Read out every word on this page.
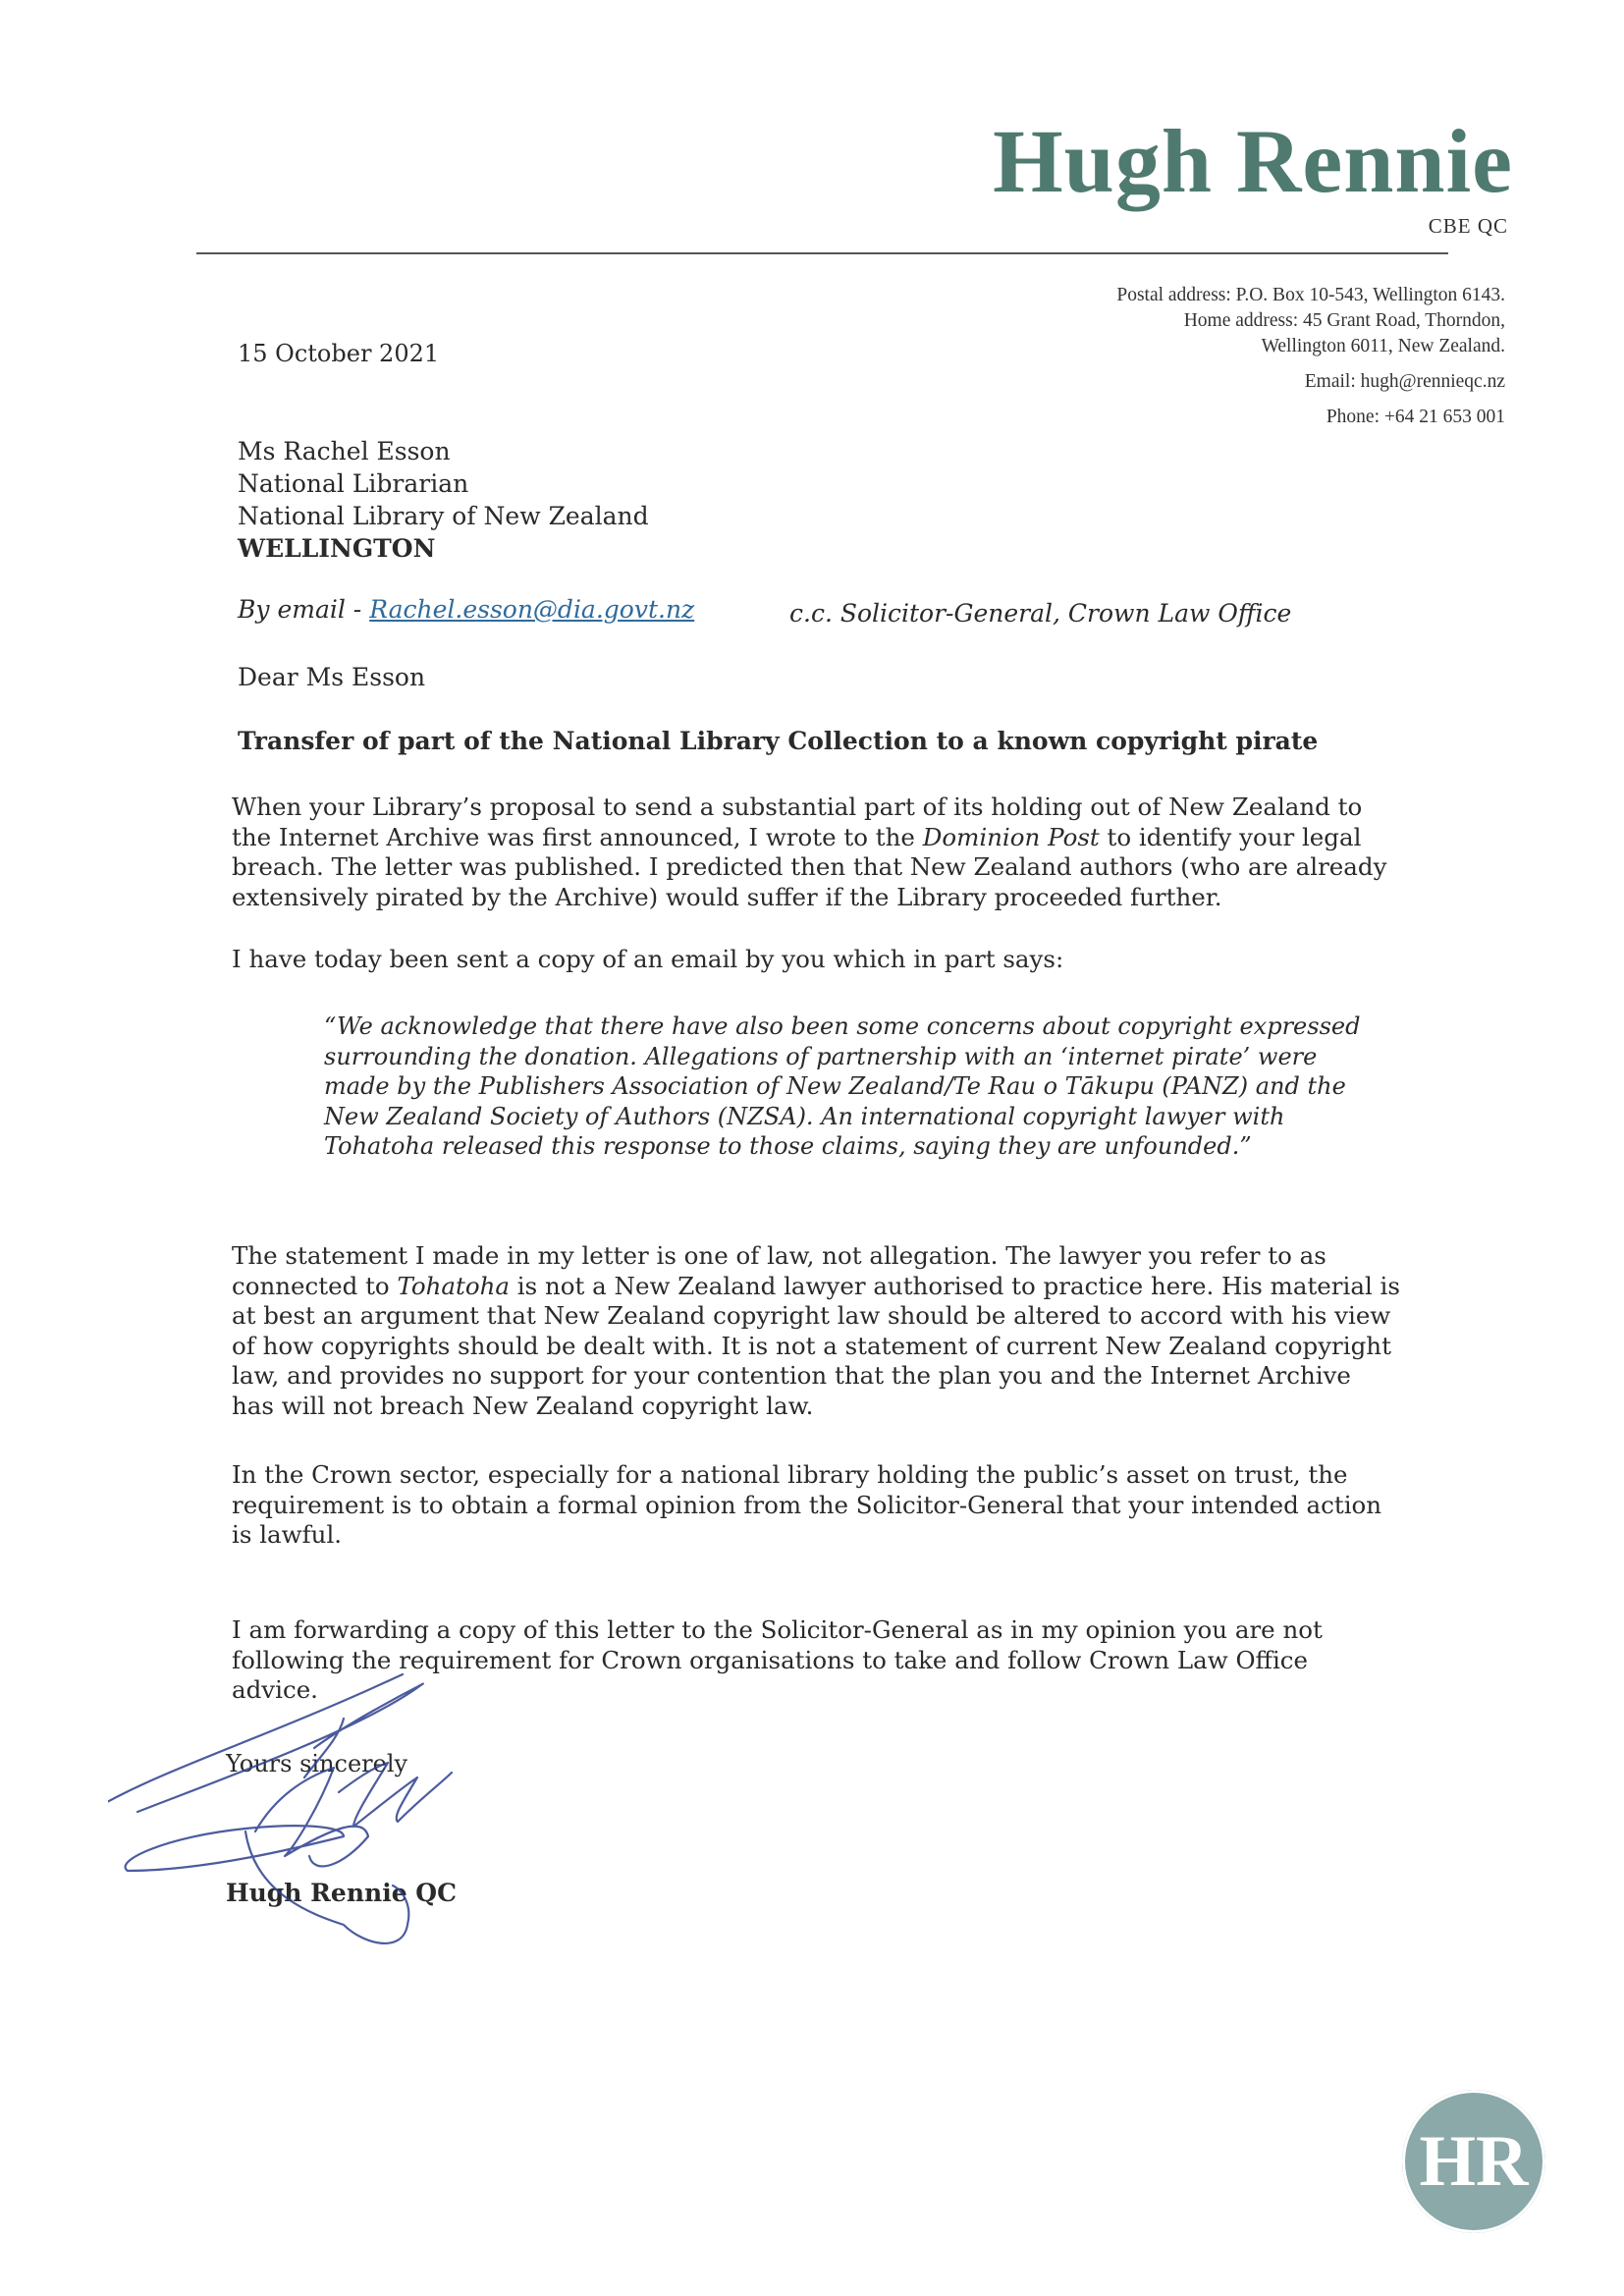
Hugh Rennie
CBE QC
Postal address: P.O. Box 10-543, Wellington 6143.
Home address: 45 Grant Road, Thorndon,
Wellington 6011, New Zealand.
Email: hugh@rennieqc.nz
Phone: +64 21 653 001
15 October 2021
Ms Rachel Esson
National Librarian
National Library of New Zealand
WELLINGTON
By email - Rachel.esson@dia.govt.nz	c.c. Solicitor-General, Crown Law Office
Dear Ms Esson
Transfer of part of the National Library Collection to a known copyright pirate
When your Library’s proposal to send a substantial part of its holding out of New Zealand to the Internet Archive was first announced, I wrote to the Dominion Post to identify your legal breach. The letter was published. I predicted then that New Zealand authors (who are already extensively pirated by the Archive) would suffer if the Library proceeded further.
I have today been sent a copy of an email by you which in part says:
“We acknowledge that there have also been some concerns about copyright expressed surrounding the donation. Allegations of partnership with an ‘internet pirate’ were made by the Publishers Association of New Zealand/Te Rau o Tākupu (PANZ) and the New Zealand Society of Authors (NZSA). An international copyright lawyer with Tohatoha released this response to those claims, saying they are unfounded.”
The statement I made in my letter is one of law, not allegation. The lawyer you refer to as connected to Tohatoha is not a New Zealand lawyer authorised to practice here. His material is at best an argument that New Zealand copyright law should be altered to accord with his view of how copyrights should be dealt with. It is not a statement of current New Zealand copyright law, and provides no support for your contention that the plan you and the Internet Archive has will not breach New Zealand copyright law.
In the Crown sector, especially for a national library holding the public’s asset on trust, the requirement is to obtain a formal opinion from the Solicitor-General that your intended action is lawful.
I am forwarding a copy of this letter to the Solicitor-General as in my opinion you are not following the requirement for Crown organisations to take and follow Crown Law Office advice.
Yours sincerely
Hugh Rennie QC
HR
